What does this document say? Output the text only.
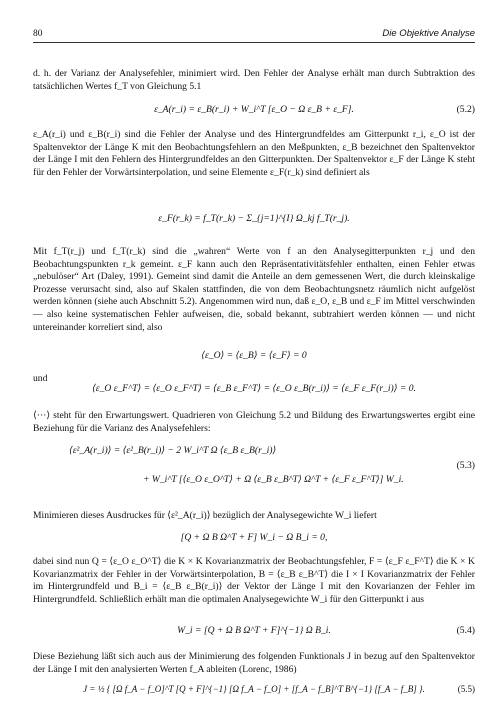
80	Die Objektive Analyse
d. h. der Varianz der Analysefehler, minimiert wird. Den Fehler der Analyse erhält man durch Subtraktion des tatsächlichen Wertes f_T von Gleichung 5.1
ε_A(r_i) = ε_B(r_i) + W_i^T [ε_O − Ω ε_B + ε_F].	(5.2)
ε_A(r_i) und ε_B(r_i) sind die Fehler der Analyse und des Hintergrundfeldes am Gitterpunkt r_i, ε_O ist der Spaltenvektor der Länge K mit den Beobachtungsfehlern an den Meßpunkten, ε_B bezeichnet den Spaltenvektor der Länge I mit den Fehlern des Hintergrundfeldes an den Gitterpunkten. Der Spaltenvektor ε_F der Länge K steht für den Fehler der Vorwärtsinterpolation, und seine Elemente ε_F(r_k) sind definiert als
ε_F(r_k) = f_T(r_k) − Σ_{j=1}^{I} Ω_kj f_T(r_j).
Mit f_T(r_j) und f_T(r_k) sind die „wahren“ Werte von f an den Analysegitterpunkten r_j und den Beobachtungspunkten r_k gemeint. ε_F kann auch den Repräsentativitätsfehler enthalten, einen Fehler etwas „nebulöser“ Art (Daley, 1991). Gemeint sind damit die Anteile an dem gemessenen Wert, die durch kleinskalige Prozesse verursacht sind, also auf Skalen stattfinden, die von dem Beobachtungsnetz räumlich nicht aufgelöst werden können (siehe auch Abschnitt 5.2). Angenommen wird nun, daß ε_O, ε_B und ε_F im Mittel verschwinden — also keine systematischen Fehler aufweisen, die, sobald bekannt, subtrahiert werden können — und nicht untereinander korreliert sind, also
⟨ε_O⟩ = ⟨ε_B⟩ = ⟨ε_F⟩ = 0
und
⟨ε_O ε_F^T⟩ = ⟨ε_O ε_F^T⟩ = ⟨ε_B ε_F^T⟩ = ⟨ε_O ε_B(r_i)⟩ = ⟨ε_F ε_F(r_i)⟩ = 0.
⟨···⟩ steht für den Erwartungswert. Quadrieren von Gleichung 5.2 und Bildung des Erwartungswertes ergibt eine Beziehung für die Varianz des Analysefehlers:
⟨ε²_A(r_i)⟩ = ⟨ε²_B(r_i)⟩ − 2 W_i^T Ω ⟨ε_B ε_B(r_i)⟩
+ W_i^T [⟨ε_O ε_O^T⟩ + Ω ⟨ε_B ε_B^T⟩ Ω^T + ⟨ε_F ε_F^T⟩] W_i.
(5.3)
Minimieren dieses Ausdruckes für ⟨ε²_A(r_i)⟩ bezüglich der Analysegewichte W_i liefert
[Q + Ω B Ω^T + F] W_i − Ω B_i = 0,
dabei sind nun Q = ⟨ε_O ε_O^T⟩ die K × K Kovarianzmatrix der Beobachtungsfehler, F = ⟨ε_F ε_F^T⟩ die K × K Kovarianzmatrix der Fehler in der Vorwärtsinterpolation, B = ⟨ε_B ε_B^T⟩ die I × I Kovarianzmatrix der Fehler im Hintergrundfeld und B_i = ⟨ε_B ε_B(r_i)⟩ der Vektor der Länge I mit den Kovarianzen der Fehler im Hintergrundfeld. Schließlich erhält man die optimalen Analysegewichte W_i für den Gitterpunkt i aus
W_i = [Q + Ω B Ω^T + F]^{−1} Ω B_i.	(5.4)
Diese Beziehung läßt sich auch aus der Minimierung des folgenden Funktionals J in bezug auf den Spaltenvektor der Länge I mit den analysierten Werten f_A ableiten (Lorenc, 1986)
J = ½ { [Ω f_A − f_O]^T [Q + F]^{−1} [Ω f_A − f_O] + [f_A − f_B]^T B^{−1} [f_A − f_B] }.	(5.5)
